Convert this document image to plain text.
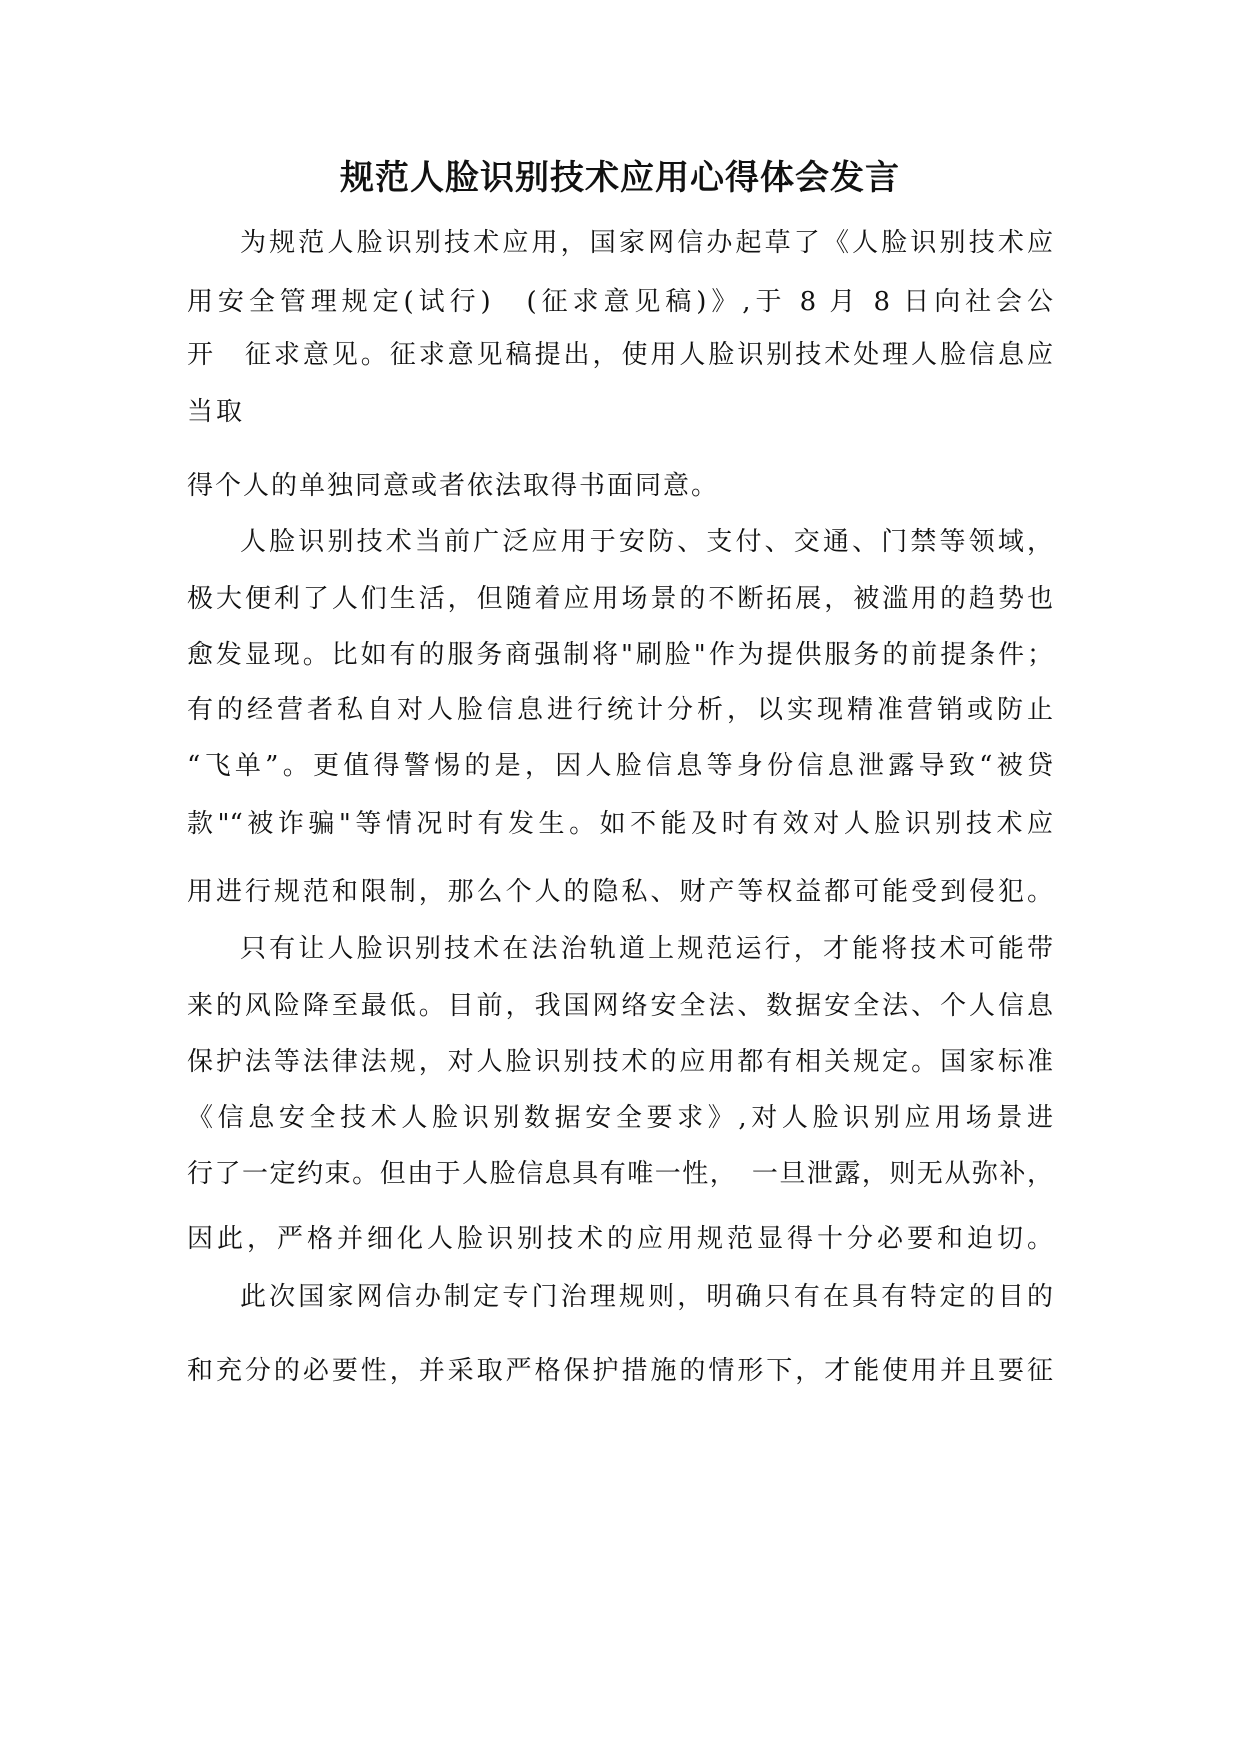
规范人脸识别技术应用心得体会发言
为规范人脸识别技术应用，国家网信办起草了《人脸识别技术应
用安全管理规定(试行)　(征求意见稿)》,于 8 月 8 日向社会公
开　征求意见。征求意见稿提出，使用人脸识别技术处理人脸信息应
当取
得个人的单独同意或者依法取得书面同意。
人脸识别技术当前广泛应用于安防、支付、交通、门禁等领域，
极大便利了人们生活，但随着应用场景的不断拓展，被滥用的趋势也
愈发显现。比如有的服务商强制将"刷脸"作为提供服务的前提条件；
有的经营者私自对人脸信息进行统计分析，以实现精准营销或防止
“飞单”。更值得警惕的是，因人脸信息等身份信息泄露导致“被贷
款"“被诈骗"等情况时有发生。如不能及时有效对人脸识别技术应
用进行规范和限制，那么个人的隐私、财产等权益都可能受到侵犯。
只有让人脸识别技术在法治轨道上规范运行，才能将技术可能带
来的风险降至最低。目前，我国网络安全法、数据安全法、个人信息
保护法等法律法规，对人脸识别技术的应用都有相关规定。国家标准
《信息安全技术人脸识别数据安全要求》,对人脸识别应用场景进
行了一定约束。但由于人脸信息具有唯一性，　一旦泄露，则无从弥补，
因此，严格并细化人脸识别技术的应用规范显得十分必要和迫切。
此次国家网信办制定专门治理规则，明确只有在具有特定的目的
和充分的必要性，并采取严格保护措施的情形下，才能使用并且要征
